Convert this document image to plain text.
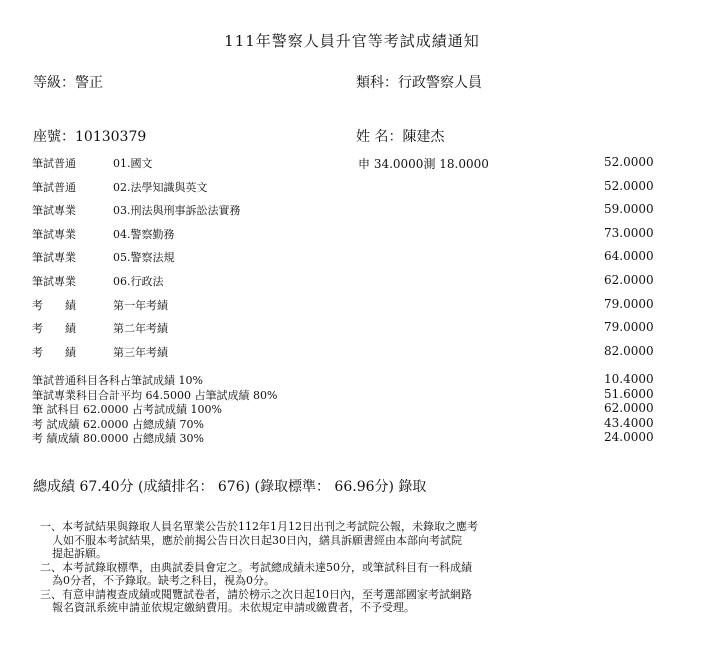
111年警察人員升官等考試成績通知
等級：警正	類科：行政警察人員
座號：10130379	姓 名：陳建杰
筆試普通	01.國文	申 34.0000測 18.0000	52.0000
筆試普通	02.法學知識與英文	52.0000
筆試專業	03.刑法與刑事訴訟法實務	59.0000
筆試專業	04.警察勤務	73.0000
筆試專業	05.警察法規	64.0000
筆試專業	06.行政法	62.0000
考　　績	第一年考績	79.0000
考　　績	第二年考績	79.0000
考　　績	第三年考績	82.0000
筆試普通科目各科占筆試成績 10%	10.4000
筆試專業科目合計平均 64.5000 占筆試成績 80%	51.6000
筆 試科目 62.0000 占考試成績 100%	62.0000
考 試成績 62.0000 占總成績 70%	43.4000
考 績成績 80.0000 占總成績 30%	24.0000
總成績 67.40分 (成績排名： 676) (錄取標準： 66.96分) 錄取
一、本考試結果與錄取人員名單業公告於112年1月12日出刊之考試院公報，未錄取之應考
人如不服本考試結果，應於前揭公告日次日起30日內，繕具訴願書經由本部向考試院
提起訴願。
二、本考試錄取標準，由典試委員會定之。考試總成績未達50分，或筆試科目有一科成績
為0分者，不予錄取。缺考之科目，視為0分。
三、有意申請複查成績或閱覽試卷者，請於榜示之次日起10日內，至考選部國家考試網路
報名資訊系統申請並依規定繳納費用。未依規定申請或繳費者，不予受理。
